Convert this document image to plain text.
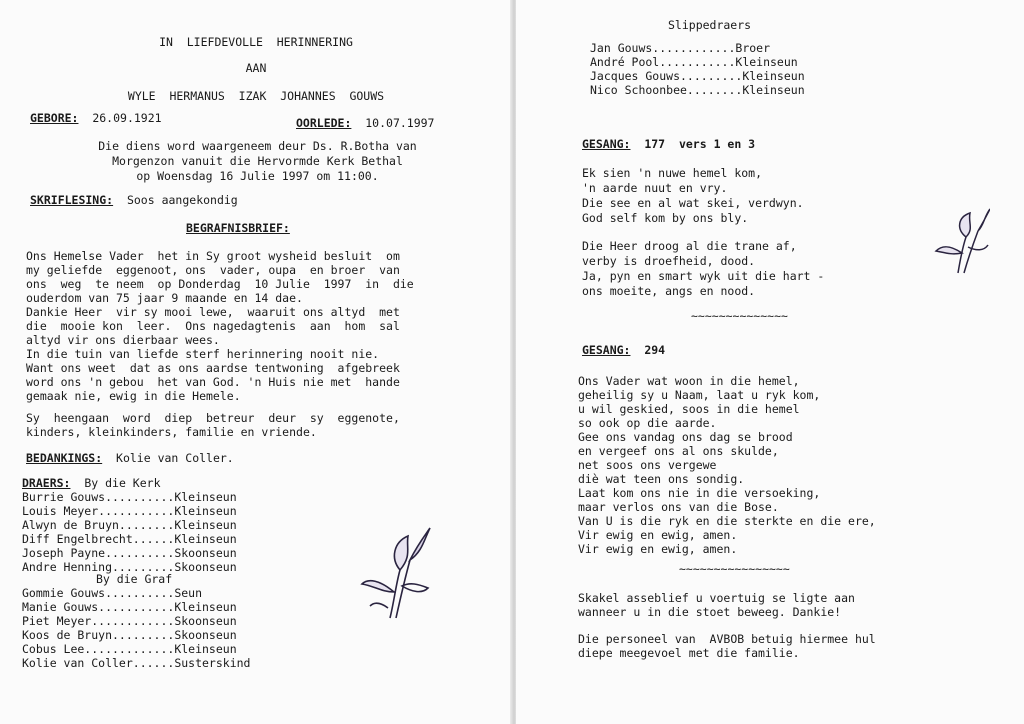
IN  LIEFDEVOLLE  HERINNERING
AAN
WYLE  HERMANUS  IZAK  JOHANNES  GOUWS
GEBORE: 26.09.1921	OORLEDE: 10.07.1997
Die diens word waargeneem deur Ds. R.Botha van
Morgenzon vanuit die Hervormde Kerk Bethal
op Woensdag 16 Julie 1997 om 11:00.
SKRIFLESING: Soos aangekondig
BEGRAFNISBRIEF:
Ons Hemelse Vader  het in Sy groot wysheid besluit  om
my geliefde  eggenoot, ons  vader, oupa  en broer  van
ons  weg  te neem  op Donderdag  10 Julie  1997  in  die
ouderdom van 75 jaar 9 maande en 14 dae.
Dankie Heer  vir sy mooi lewe,  waaruit ons altyd  met
die  mooie kon  leer.  Ons nagedagtenis  aan  hom  sal
altyd vir ons dierbaar wees.
In die tuin van liefde sterf herinnering nooit nie.
Want ons weet  dat as ons aardse tentwoning  afgebreek
word ons 'n gebou  het van God. 'n Huis nie met  hande
gemaak nie, ewig in die Hemele.
Sy  heengaan  word  diep  betreur  deur  sy  eggenote,
kinders, kleinkinders, familie en vriende.
BEDANKINGS: Kolie van Coller.
DRAERS: By die Kerk
Burrie Gouws..........Kleinseun
Louis Meyer...........Kleinseun
Alwyn de Bruyn........Kleinseun
Diff Engelbrecht......Kleinseun
Joseph Payne..........Skoonseun
Andre Henning.........Skoonseun
By die Graf
Gommie Gouws..........Seun
Manie Gouws...........Kleinseun
Piet Meyer............Skoonseun
Koos de Bruyn.........Skoonseun
Cobus Lee.............Kleinseun
Kolie van Coller......Susterskind
Slippedraers
Jan Gouws............Broer
André Pool...........Kleinseun
Jacques Gouws.........Kleinseun
Nico Schoonbee........Kleinseun
GESANG: 177  vers 1 en 3
Ek sien 'n nuwe hemel kom,
'n aarde nuut en vry.
Die see en al wat skei, verdwyn.
God self kom by ons bly.
Die Heer droog al die trane af,
verby is droefheid, dood.
Ja, pyn en smart wyk uit die hart -
ons moeite, angs en nood.
~~~~~~~~~~~~~~
GESANG: 294
Ons Vader wat woon in die hemel,
geheilig sy u Naam, laat u ryk kom,
u wil geskied, soos in die hemel
so ook op die aarde.
Gee ons vandag ons dag se brood
en vergeef ons al ons skulde,
net soos ons vergewe
diè wat teen ons sondig.
Laat kom ons nie in die versoeking,
maar verlos ons van die Bose.
Van U is die ryk en die sterkte en die ere,
Vir ewig en ewig, amen.
Vir ewig en ewig, amen.
~~~~~~~~~~~~~~~~
Skakel asseblief u voertuig se ligte aan
wanneer u in die stoet beweeg. Dankie!
Die personeel van  AVBOB betuig hiermee hul
diepe meegevoel met die familie.
